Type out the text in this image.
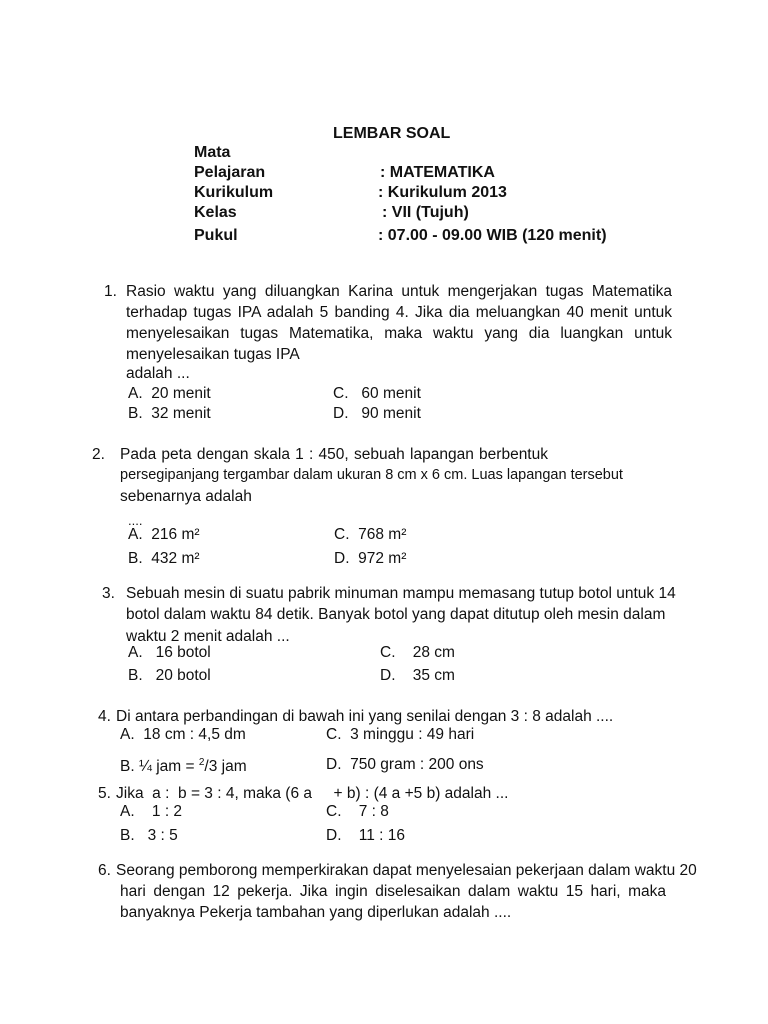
LEMBAR SOAL
Mata
Pelajaran	: MATEMATIKA
Kurikulum	: Kurikulum 2013
Kelas	: VII (Tujuh)
Pukul	: 07.00 - 09.00 WIB (120 menit)
1. Rasio waktu yang diluangkan Karina untuk mengerjakan tugas Matematika
terhadap tugas IPA adalah 5 banding 4. Jika dia meluangkan 40 menit untuk
menyelesaikan tugas Matematika, maka waktu yang dia luangkan untuk
menyelesaikan tugas IPA
adalah ...
A. 20 menit	C. 60 menit
B. 32 menit	D. 90 menit
2. Pada peta dengan skala 1 : 450, sebuah lapangan berbentuk
persegipanjang tergambar dalam ukuran 8 cm x 6 cm. Luas lapangan tersebut
sebenarnya adalah
....
A. 216 m²	C. 768 m²
B. 432 m²	D. 972 m²
3. Sebuah mesin di suatu pabrik minuman mampu memasang tutup botol untuk 14
botol dalam waktu 84 detik. Banyak botol yang dapat ditutup oleh mesin dalam
waktu 2 menit adalah ...
A. 16 botol	C. 28 cm
B. 20 botol	D. 35 cm
4. Di antara perbandingan di bawah ini yang senilai dengan 3 : 8 adalah ....
A. 18 cm : 4,5 dm	C. 3 minggu : 49 hari
B. ¼ jam = $^2$/3 jam	D. 750 gram : 200 ons
5. Jika  a :  b = 3 : 4, maka (6 a     + b) : (4 a +5 b) adalah ...
A. 1 : 2	C. 7 : 8
B. 3 : 5	D. 11 : 16
6. Seorang pemborong memperkirakan dapat menyelesaian pekerjaan dalam waktu 20
hari dengan 12 pekerja. Jika ingin diselesaikan dalam waktu 15 hari, maka
banyaknya Pekerja tambahan yang diperlukan adalah ....
